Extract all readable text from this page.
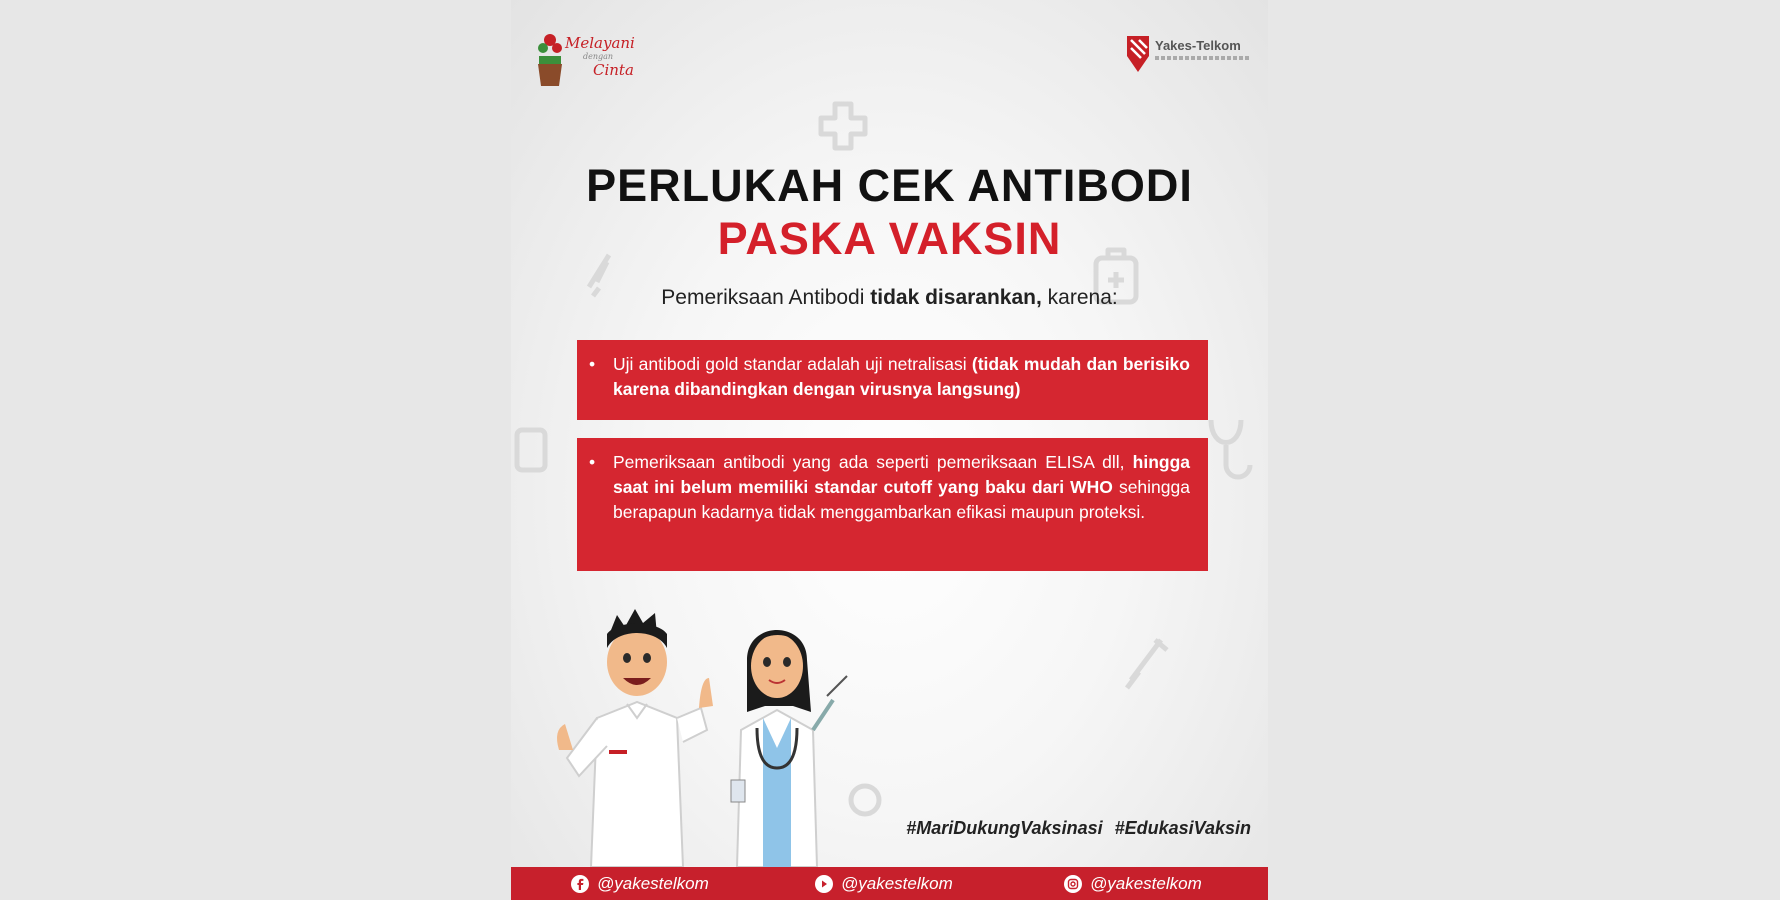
Melayani
dengan
Cinta
Yakes-Telkom
PERLUKAH CEK ANTIBODI
PASKA VAKSIN

Pemeriksaan Antibodi tidak disarankan, karena:

• Uji antibodi gold standar adalah uji netralisasi (tidak mudah dan berisiko karena dibandingkan dengan virusnya langsung)

• Pemeriksaan antibodi yang ada seperti pemeriksaan ELISA dll, hingga saat ini belum memiliki standar cutoff yang baku dari WHO sehingga berapapun kadarnya tidak menggambarkan efikasi maupun proteksi.

#MariDukungVaksinasi #EdukasiVaksin
@yakestelkom	@yakestelkom	@yakestelkom
